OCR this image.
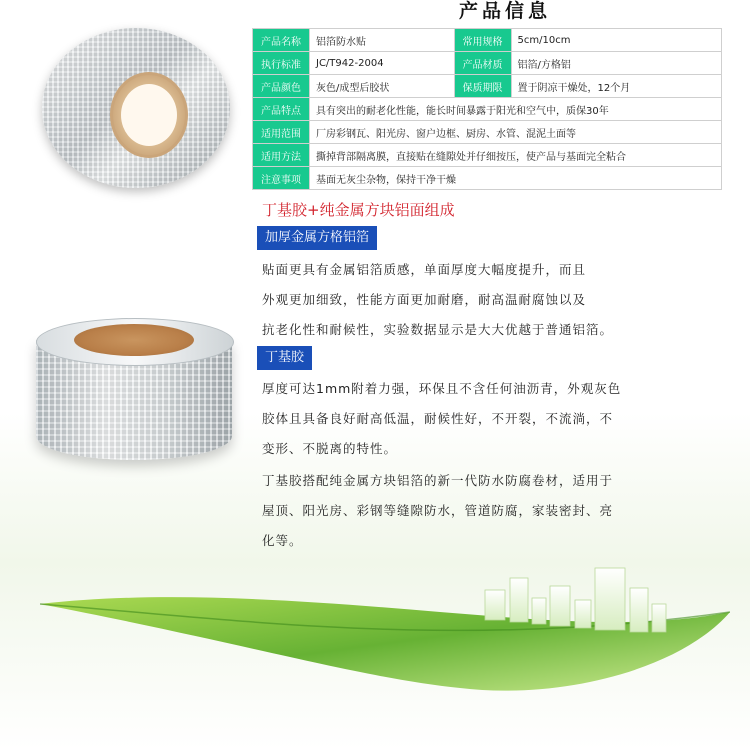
产品信息
产品名称	铝箔防水贴	常用规格	5cm/10cm
执行标准	JC/T942-2004	产品材质	铝箔/方格铝
产品颜色	灰色/成型后胶状	保质期限	置于阴凉干燥处，12个月
产品特点	具有突出的耐老化性能，能长时间暴露于阳光和空气中，质保30年		
适用范围	厂房彩钢瓦、阳光房、窗户边框、厨房、水管、混泥土面等		
适用方法	撕掉背部隔离膜，直接贴在缝隙处并仔细按压，使产品与基面完全粘合		
注意事项	基面无灰尘杂物，保持干净干燥		
丁基胶+纯金属方块铝面组成
加厚金属方格铝箔
贴面更具有金属铝箔质感，单面厚度大幅度提升，而且
外观更加细致，性能方面更加耐磨，耐高温耐腐蚀以及
抗老化性和耐候性，实验数据显示是大大优越于普通铝箔。
丁基胶
厚度可达1mm附着力强，环保且不含任何油沥青，外观灰色
胶体且具备良好耐高低温，耐候性好，不开裂，不流淌，不
变形、不脱离的特性。
丁基胶搭配纯金属方块铝箔的新一代防水防腐卷材，适用于
屋顶、阳光房、彩钢等缝隙防水，管道防腐，家装密封、亮
化等。
